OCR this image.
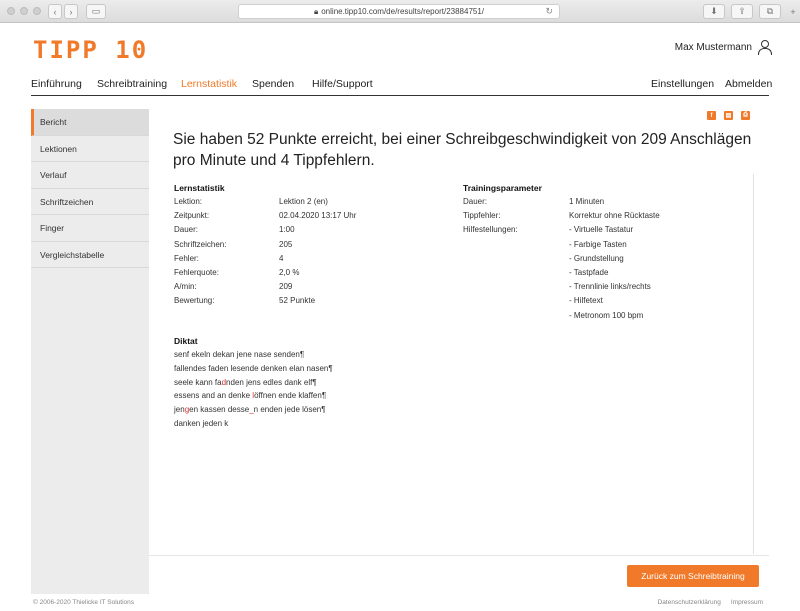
‹	›	▭	🔒︎ online.tipp10.com/de/results/report/23884751/	↻	⬇︎	⇪	⧉	+
TIPP 10	Max Mustermann
Einführung Schreibtraining Lernstatistik Spenden Hilfe/Support	Einstellungen Abmelden
Bericht
Lektionen
Verlauf
Schriftzeichen
Finger
Vergleichstabelle
f	▤	⎙
Sie haben 52 Punkte erreicht, bei einer Schreibgeschwindigkeit von 209 Anschlägen pro Minute und 4 Tippfehlern.
Lernstatistik
Lektion:	Lektion 2 (en)
Zeitpunkt:	02.04.2020 13:17 Uhr
Dauer:	1:00
Schriftzeichen:	205
Fehler:	4
Fehlerquote:	2,0 %
A/min:	209
Bewertung:	52 Punkte
Trainingsparameter
Dauer:	1 Minuten
Tippfehler:	Korrektur ohne Rücktaste
Hilfestellungen:	- Virtuelle Tastatur
- Farbige Tasten
- Grundstellung
- Tastpfade
- Trennlinie links/rechts
- Hilfetext
- Metronom 100 bpm
Diktat
senf ekeln dekan jene nase senden¶
fallendes faden lesende denken elan nasen¶
seele kann fadnden jens edles dank elf¶
essens and an denke löffnen ende klaffen¶
jengen kassen desse_n enden jede lösen¶
danken jeden k
Zurück zum Schreibtraining
© 2006-2020 Thielicke IT Solutions	Datenschutzerklärung Impressum
